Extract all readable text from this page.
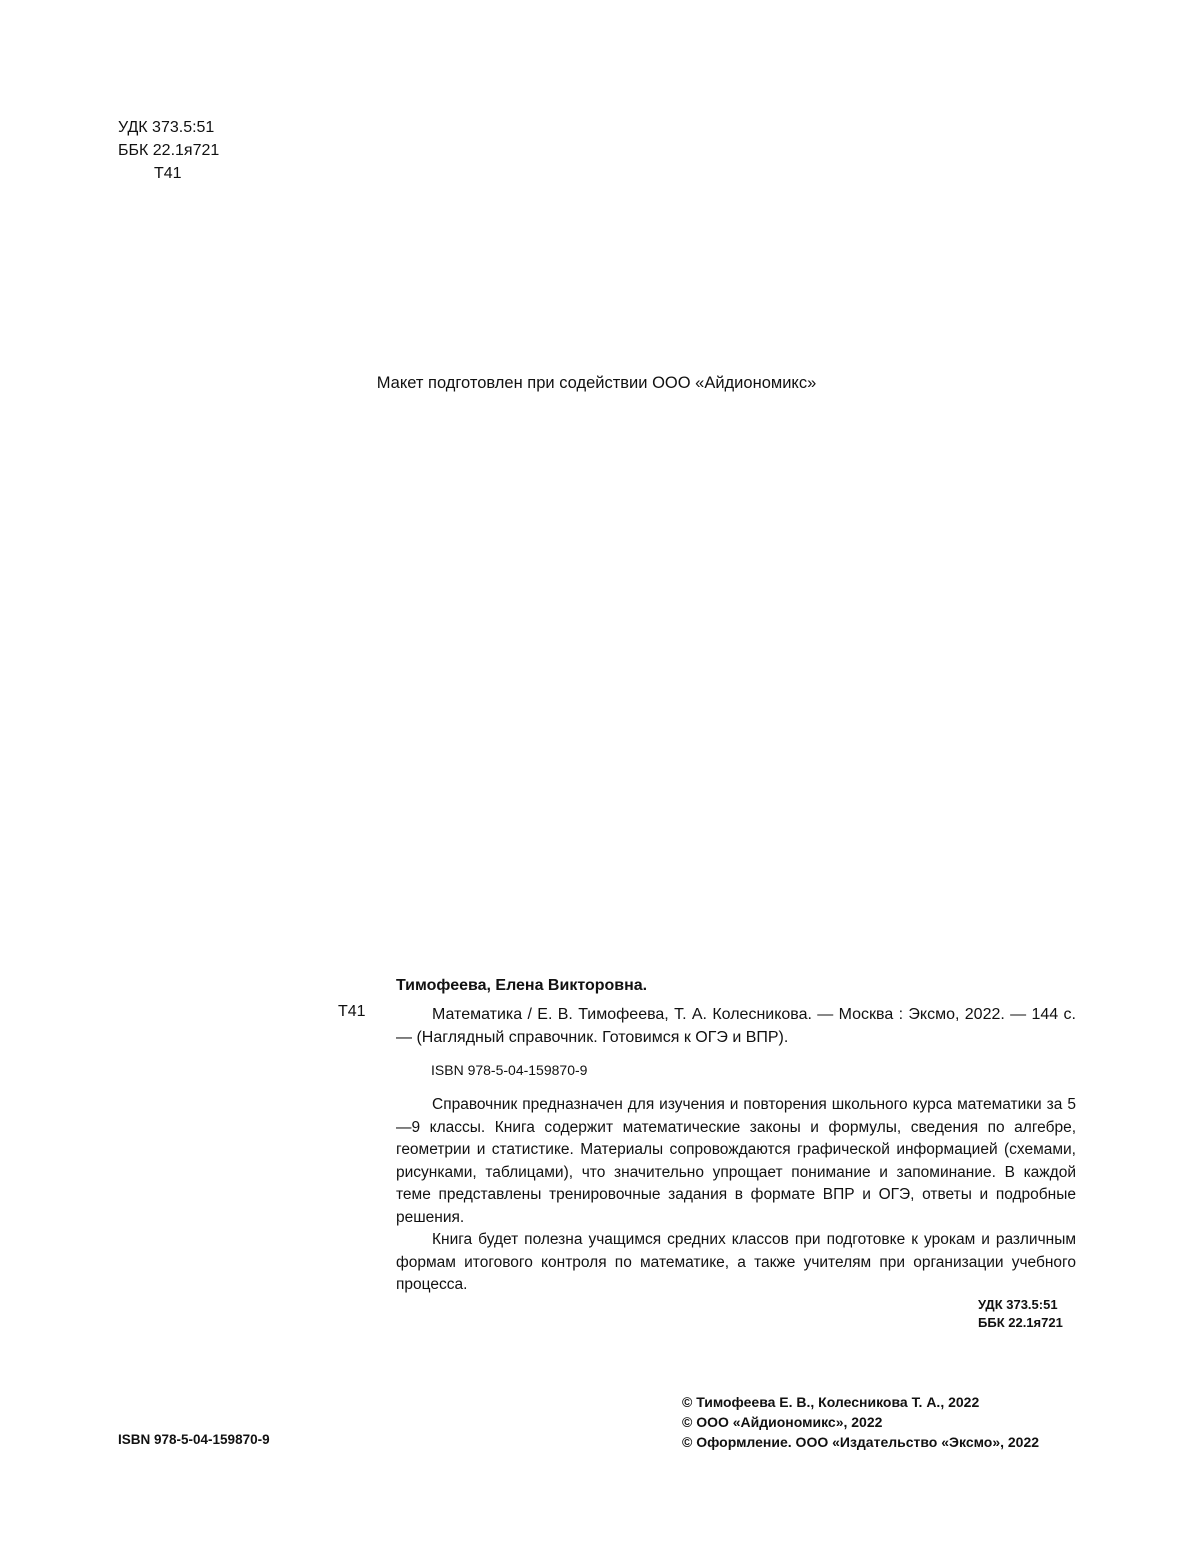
УДК 373.5:51
ББК 22.1я721
Т41
Макет подготовлен при содействии ООО «Айдиономикс»
Тимофеева, Елена Викторовна.
Т41	Математика / Е. В. Тимофеева, Т. А. Колесникова. — Москва : Эксмо, 2022. — 144 с. — (Наглядный справочник. Готовимся к ОГЭ и ВПР).
ISBN 978-5-04-159870-9

Справочник предназначен для изучения и повторения школьного курса математики за 5—9 классы. Книга содержит математические законы и формулы, сведения по алгебре, геометрии и статистике. Материалы сопровождаются графической информацией (схемами, рисунками, таблицами), что значительно упрощает понимание и запоминание. В каждой теме представлены тренировочные задания в формате ВПР и ОГЭ, ответы и подробные решения.

Книга будет полезна учащимся средних классов при подготовке к урокам и различным формам итогового контроля по математике, а также учителям при организации учебного процесса.

УДК 373.5:51
ББК 22.1я721
ISBN 978-5-04-159870-9
© Тимофеева Е. В., Колесникова Т. А., 2022
© ООО «Айдиономикс», 2022
© Оформление. ООО «Издательство «Эксмо», 2022
